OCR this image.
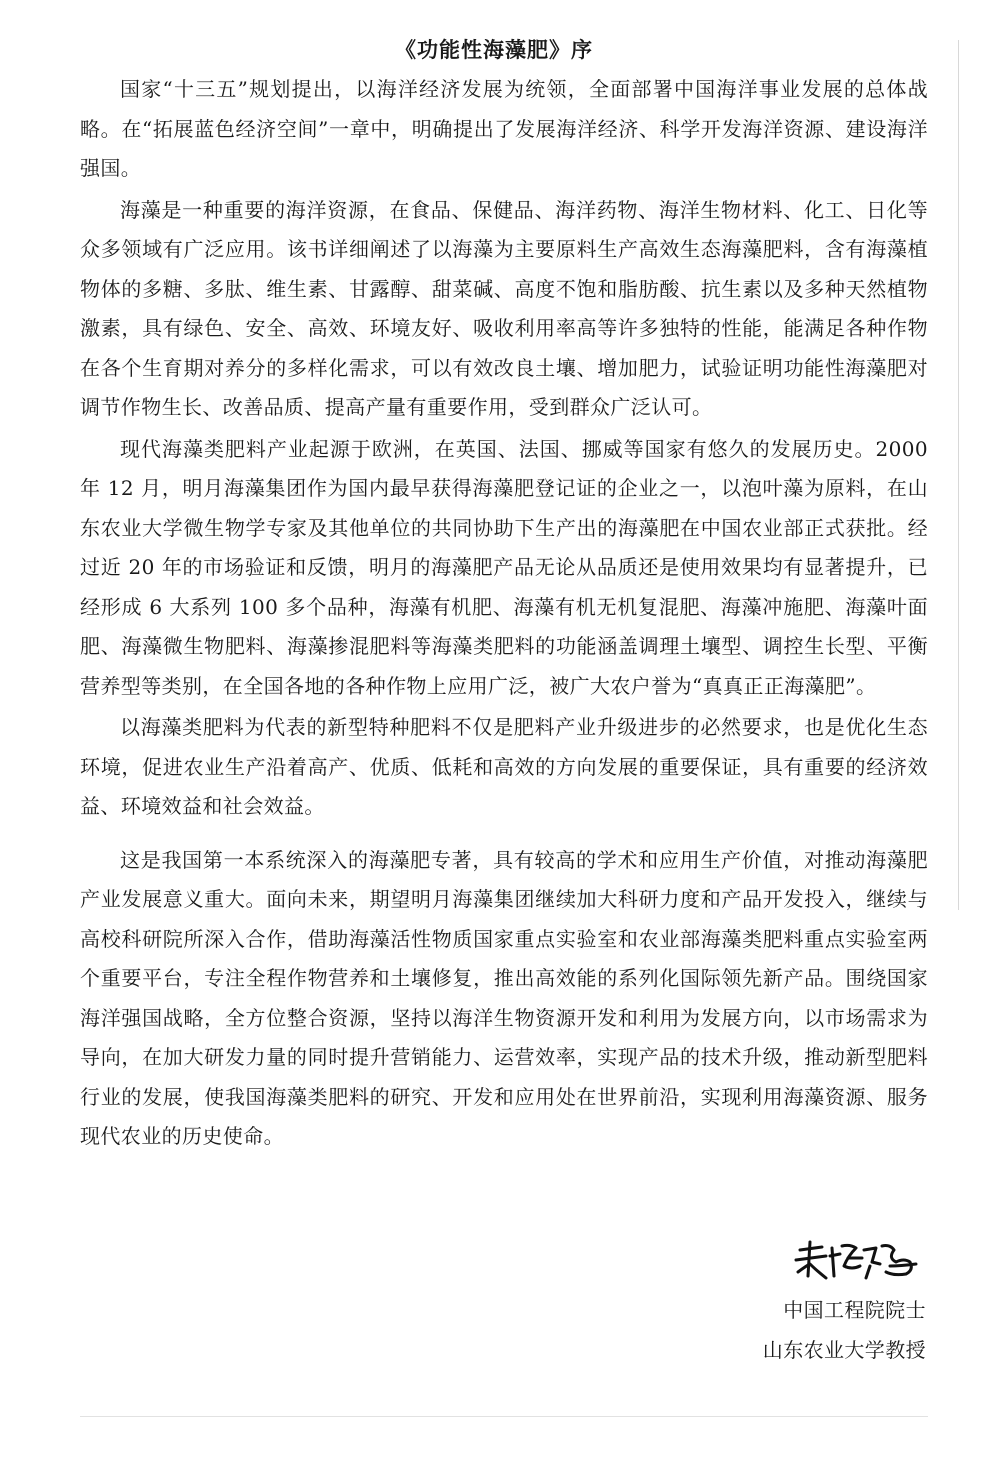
《功能性海藻肥》序

国家“十三五”规划提出，以海洋经济发展为统领，全面部署中国海洋事业发展的总体战略。在“拓展蓝色经济空间”一章中，明确提出了发展海洋经济、科学开发海洋资源、建设海洋强国。

海藻是一种重要的海洋资源，在食品、保健品、海洋药物、海洋生物材料、化工、日化等众多领域有广泛应用。该书详细阐述了以海藻为主要原料生产高效生态海藻肥料，含有海藻植物体的多糖、多肽、维生素、甘露醇、甜菜碱、高度不饱和脂肪酸、抗生素以及多种天然植物激素，具有绿色、安全、高效、环境友好、吸收利用率高等许多独特的性能，能满足各种作物在各个生育期对养分的多样化需求，可以有效改良土壤、增加肥力，试验证明功能性海藻肥对调节作物生长、改善品质、提高产量有重要作用，受到群众广泛认可。

现代海藻类肥料产业起源于欧洲，在英国、法国、挪威等国家有悠久的发展历史。2000 年 12 月，明月海藻集团作为国内最早获得海藻肥登记证的企业之一，以泡叶藻为原料，在山东农业大学微生物学专家及其他单位的共同协助下生产出的海藻肥在中国农业部正式获批。经过近 20 年的市场验证和反馈，明月的海藻肥产品无论从品质还是使用效果均有显著提升，已经形成 6 大系列 100 多个品种，海藻有机肥、海藻有机无机复混肥、海藻冲施肥、海藻叶面肥、海藻微生物肥料、海藻掺混肥料等海藻类肥料的功能涵盖调理土壤型、调控生长型、平衡营养型等类别，在全国各地的各种作物上应用广泛，被广大农户誉为“真真正正海藻肥”。

以海藻类肥料为代表的新型特种肥料不仅是肥料产业升级进步的必然要求，也是优化生态环境，促进农业生产沿着高产、优质、低耗和高效的方向发展的重要保证，具有重要的经济效益、环境效益和社会效益。

这是我国第一本系统深入的海藻肥专著，具有较高的学术和应用生产价值，对推动海藻肥产业发展意义重大。面向未来，期望明月海藻集团继续加大科研力度和产品开发投入，继续与高校科研院所深入合作，借助海藻活性物质国家重点实验室和农业部海藻类肥料重点实验室两个重要平台，专注全程作物营养和土壤修复，推出高效能的系列化国际领先新产品。围绕国家海洋强国战略，全方位整合资源，坚持以海洋生物资源开发和利用为发展方向，以市场需求为导向，在加大研发力量的同时提升营销能力、运营效率，实现产品的技术升级，推动新型肥料行业的发展，使我国海藻类肥料的研究、开发和应用处在世界前沿，实现利用海藻资源、服务现代农业的历史使命。

中国工程院院士

山东农业大学教授
